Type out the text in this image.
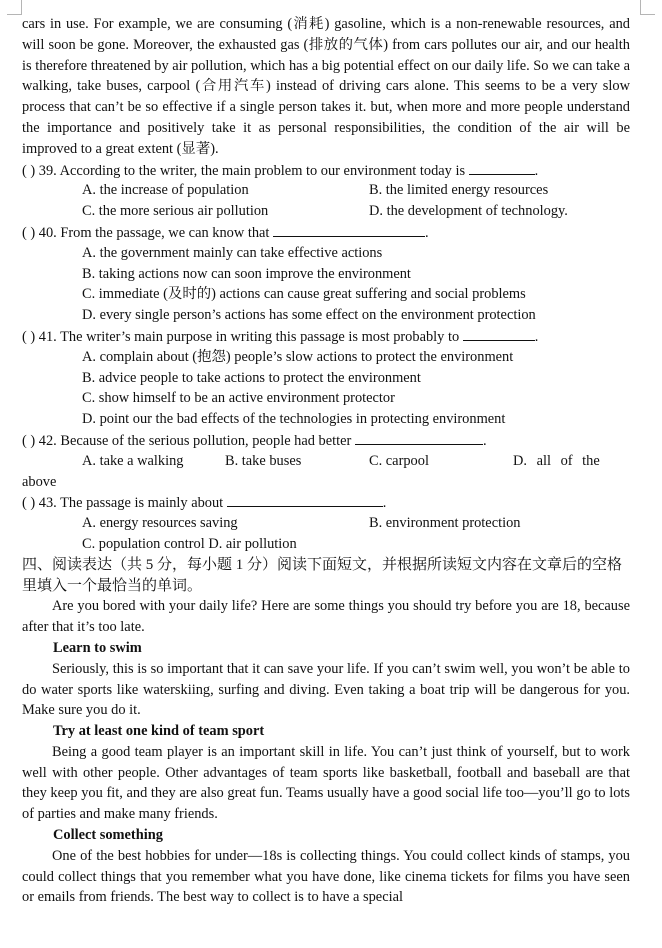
cars in use. For example, we are consuming (消耗) gasoline, which is a non-renewable resources, and will soon be gone. Moreover, the exhausted gas (排放的气体) from cars pollutes our air, and our health is therefore threatened by air pollution, which has a big potential effect on our daily life. So we can take a walking, take buses, carpool (合用汽车) instead of driving cars alone. This seems to be a very slow process that can’t be so effective if a single person takes it. but, when more and more people understand the importance and positively take it as personal responsibilities, the condition of the air will be improved to a great extent (显著).

( ) 39. According to the writer, the main problem to our environment today is	.
A. the increase of population	B. the limited energy resources
C. the more serious air pollution	D. the development of technology.
( ) 40. From the passage, we can know that	.
A. the government mainly can take effective actions
B. taking actions now can soon improve the environment
C. immediate (及时的) actions can cause great suffering and social problems
D. every single person’s actions has some effect on the environment protection
( ) 41. The writer’s main purpose in writing this passage is most probably to	.
A. complain about (抱怨) people’s slow actions to protect the environment
B. advice people to take actions to protect the environment
C. show himself to be an active environment protector
D. point our the bad effects of the technologies in protecting environment
( ) 42. Because of the serious pollution, people had better	.
A. take a walking	B. take buses	C. carpool	D. all of the
above
( ) 43. The passage is mainly about	.
A. energy resources saving	B. environment protection
C. population control D. air pollution

四、阅读表达（共 5 分，每小题 1 分）阅读下面短文，并根据所读短文内容在文章后的空格里填入一个最恰当的单词。

Are you bored with your daily life? Here are some things you should try before you are 18, because after that it’s too late.

Learn to swim

Seriously, this is so important that it can save your life. If you can’t swim well, you won’t be able to do water sports like waterskiing, surfing and diving. Even taking a boat trip will be dangerous for you. Make sure you do it.

Try at least one kind of team sport

Being a good team player is an important skill in life. You can’t just think of yourself, but to work well with other people. Other advantages of team sports like basketball, football and baseball are that they keep you fit, and they are also great fun. Teams usually have a good social life too—you’ll go to lots of parties and make many friends.

Collect something

One of the best hobbies for under—18s is collecting things. You could collect kinds of stamps, you could collect things that you remember what you have done, like cinema tickets for films you have seen or emails from friends. The best way to collect is to have a special
